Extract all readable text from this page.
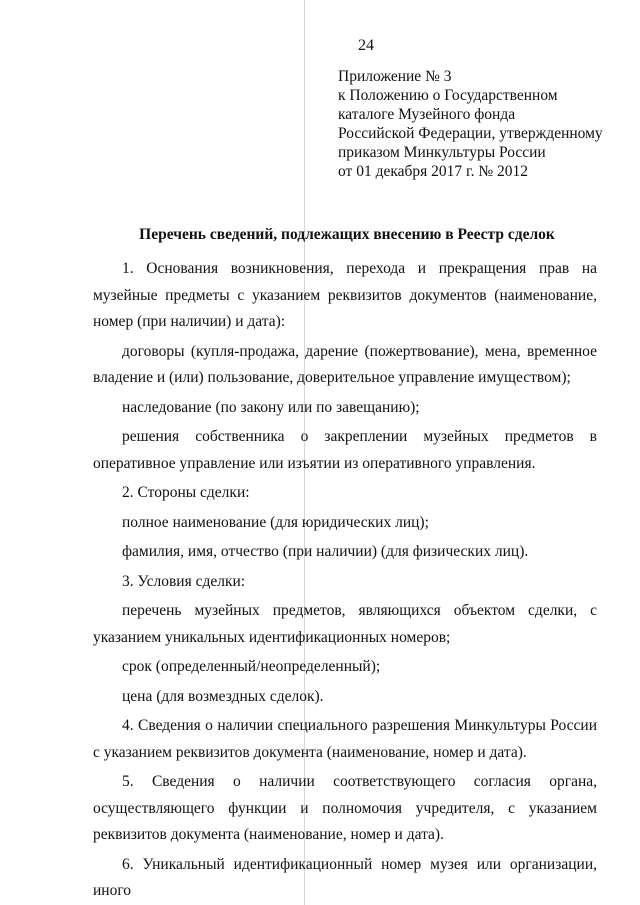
24
Приложение № 3
к Положению о Государственном
каталоге Музейного фонда
Российской Федерации, утвержденному
приказом Минкультуры России
от 01 декабря 2017 г. № 2012
Перечень сведений, подлежащих внесению в Реестр сделок

1. Основания возникновения, перехода и прекращения прав на музейные предметы с указанием реквизитов документов (наименование, номер (при наличии) и дата):

договоры (купля-продажа, дарение (пожертвование), мена, временное владение и (или) пользование, доверительное управление имуществом);

наследование (по закону или по завещанию);

решения собственника о закреплении музейных предметов в оперативное управление или изъятии из оперативного управления.

2. Стороны сделки:

полное наименование (для юридических лиц);

фамилия, имя, отчество (при наличии) (для физических лиц).

3. Условия сделки:

перечень музейных предметов, являющихся объектом сделки, с указанием уникальных идентификационных номеров;

срок (определенный/неопределенный);

цена (для возмездных сделок).

4. Сведения о наличии специального разрешения Минкультуры России с указанием реквизитов документа (наименование, номер и дата).

5. Сведения о наличии соответствующего согласия органа, осуществляющего функции и полномочия учредителя, с указанием реквизитов документа (наименование, номер и дата).

6. Уникальный идентификационный номер музея или организации, иного
